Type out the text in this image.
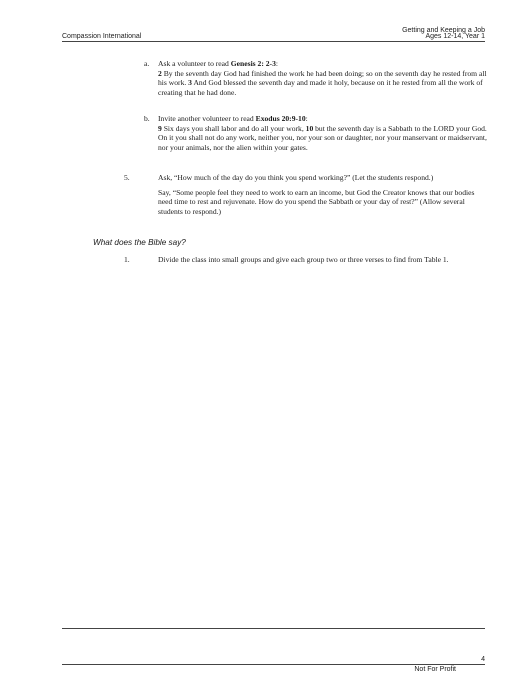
Getting and Keeping a Job
Compassion International	Ages 12-14, Year 1
a. Ask a volunteer to read Genesis 2: 2-3:
2 By the seventh day God had finished the work he had been doing; so on the seventh day he rested from all his work. 3 And God blessed the seventh day and made it holy, because on it he rested from all the work of creating that he had done.
b. Invite another volunteer to read Exodus 20:9-10:
9 Six days you shall labor and do all your work, 10 but the seventh day is a Sabbath to the LORD your God. On it you shall not do any work, neither you, nor your son or daughter, nor your manservant or maidservant, nor your animals, nor the alien within your gates.
5.	Ask, “How much of the day do you think you spend working?” (Let the students respond.)

Say, “Some people feel they need to work to earn an income, but God the Creator knows that our bodies need time to rest and rejuvenate. How do you spend the Sabbath or your day of rest?” (Allow several students to respond.)

What does the Bible say?
1.	Divide the class into small groups and give each group two or three verses to find from Table 1.
4
Not For Profit
